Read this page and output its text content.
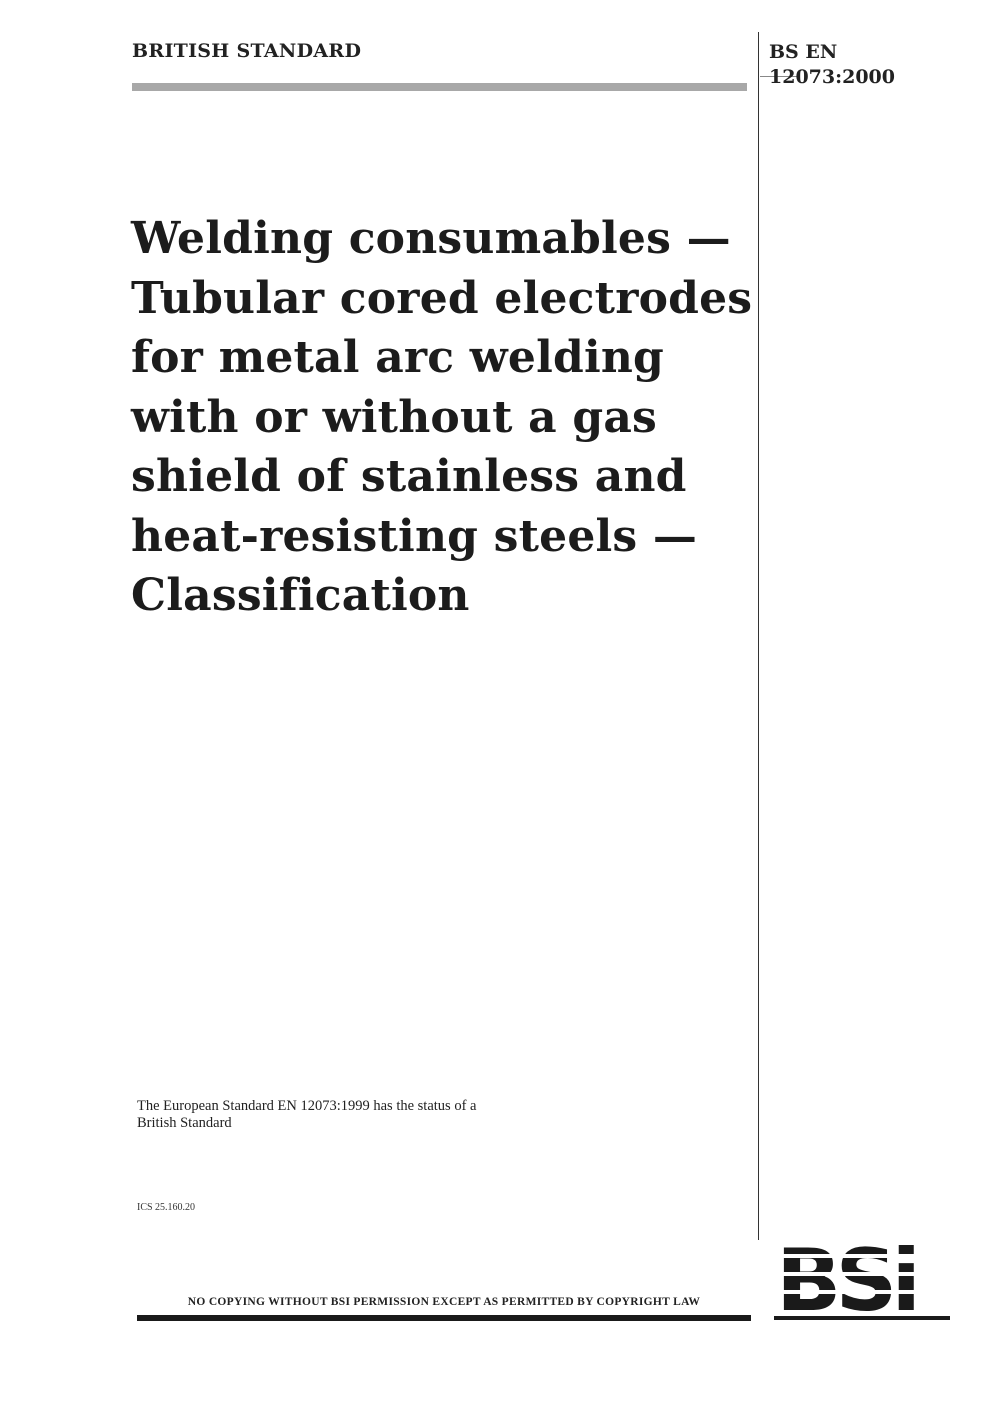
BRITISH STANDARD	BS EN
12073:2000
Welding consumables —
Tubular cored electrodes
for metal arc welding
with or without a gas
shield of stainless and
heat-resisting steels —
Classification
The European Standard EN 12073:1999 has the status of a
British Standard
ICS 25.160.20
NO COPYING WITHOUT BSI PERMISSION EXCEPT AS PERMITTED BY COPYRIGHT LAW
